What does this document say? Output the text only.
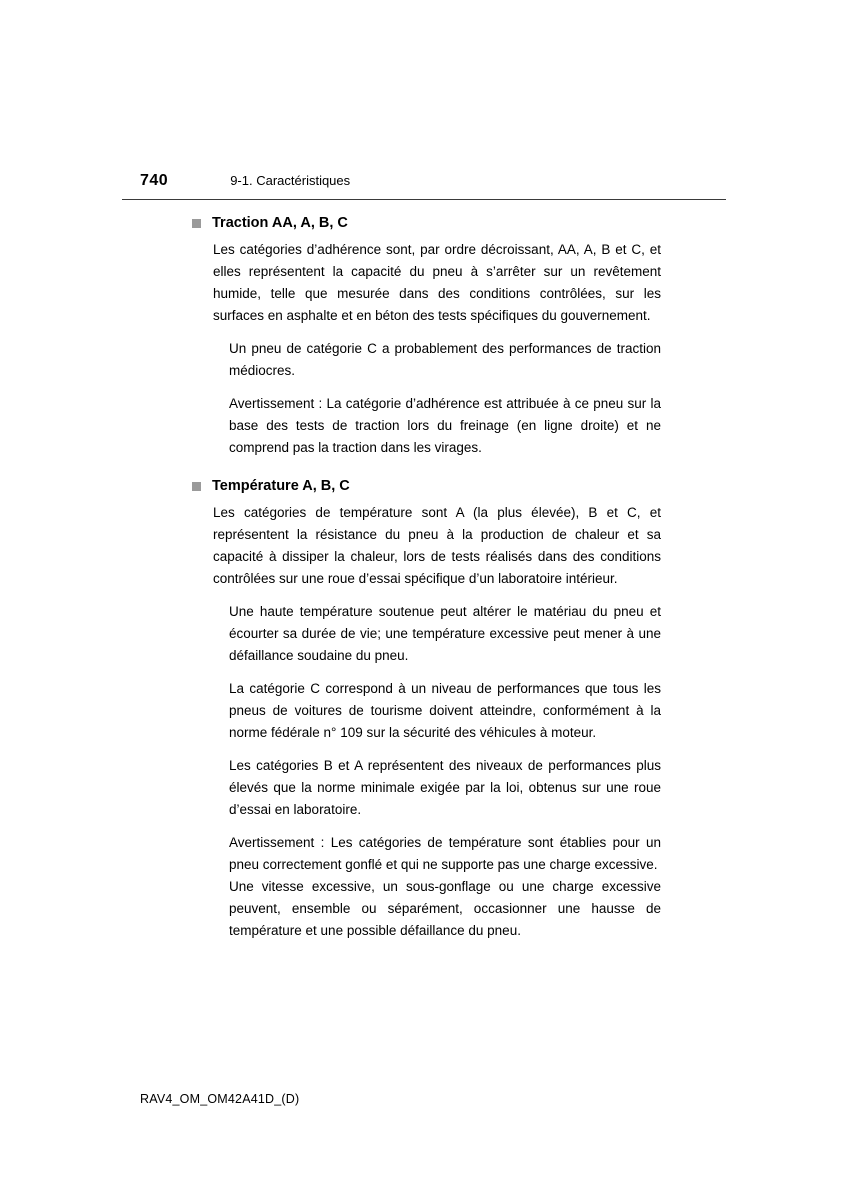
740	9-1. Caractéristiques
Traction AA, A, B, C

Les catégories d’adhérence sont, par ordre décroissant, AA, A, B et C, et elles représentent la capacité du pneu à s’arrêter sur un revêtement humide, telle que mesurée dans des conditions contrôlées, sur les surfaces en asphalte et en béton des tests spécifiques du gouvernement.

Un pneu de catégorie C a probablement des performances de traction médiocres.

Avertissement : La catégorie d’adhérence est attribuée à ce pneu sur la base des tests de traction lors du freinage (en ligne droite) et ne comprend pas la traction dans les virages.

Température A, B, C

Les catégories de température sont A (la plus élevée), B et C, et représentent la résistance du pneu à la production de chaleur et sa capacité à dissiper la chaleur, lors de tests réalisés dans des conditions contrôlées sur une roue d’essai spécifique d’un laboratoire intérieur.

Une haute température soutenue peut altérer le matériau du pneu et écourter sa durée de vie; une température excessive peut mener à une défaillance soudaine du pneu.

La catégorie C correspond à un niveau de performances que tous les pneus de voitures de tourisme doivent atteindre, conformément à la norme fédérale n° 109 sur la sécurité des véhicules à moteur.

Les catégories B et A représentent des niveaux de performances plus élevés que la norme minimale exigée par la loi, obtenus sur une roue d’essai en laboratoire.

Avertissement : Les catégories de température sont établies pour un pneu correctement gonflé et qui ne supporte pas une charge excessive.

Une vitesse excessive, un sous-gonflage ou une charge excessive peuvent, ensemble ou séparément, occasionner une hausse de température et une possible défaillance du pneu.

RAV4_OM_OM42A41D_(D)
